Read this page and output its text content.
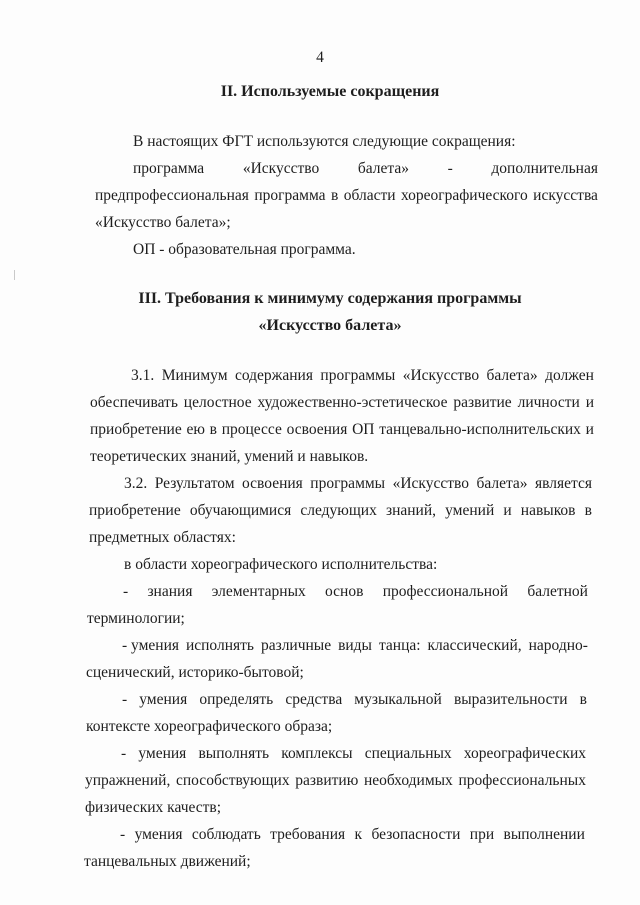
4
II. Используемые сокращения
В настоящих ФГТ используются следующие сокращения:
программа «Искусство балета» - дополнительная
предпрофессиональная программа в области хореографического искусства
«Искусство балета»;
ОП - образовательная программа.
III. Требования к минимуму содержания программы
«Искусство балета»
3.1. Минимум содержания программы «Искусство балета» должен
обеспечивать целостное художественно-эстетическое развитие личности и
приобретение ею в процессе освоения ОП танцевально-исполнительских и
теоретических знаний, умений и навыков.
3.2. Результатом освоения программы «Искусство балета» является
приобретение обучающимися следующих знаний, умений и навыков в
предметных областях:
в области хореографического исполнительства:
- знания элементарных основ профессиональной балетной
терминологии;
- умения исполнять различные виды танца: классический, народно-
сценический, историко-бытовой;
- умения определять средства музыкальной выразительности в
контексте хореографического образа;
- умения выполнять комплексы специальных хореографических
упражнений, способствующих развитию необходимых профессиональных
физических качеств;
- умения соблюдать требования к безопасности при выполнении
танцевальных движений;
